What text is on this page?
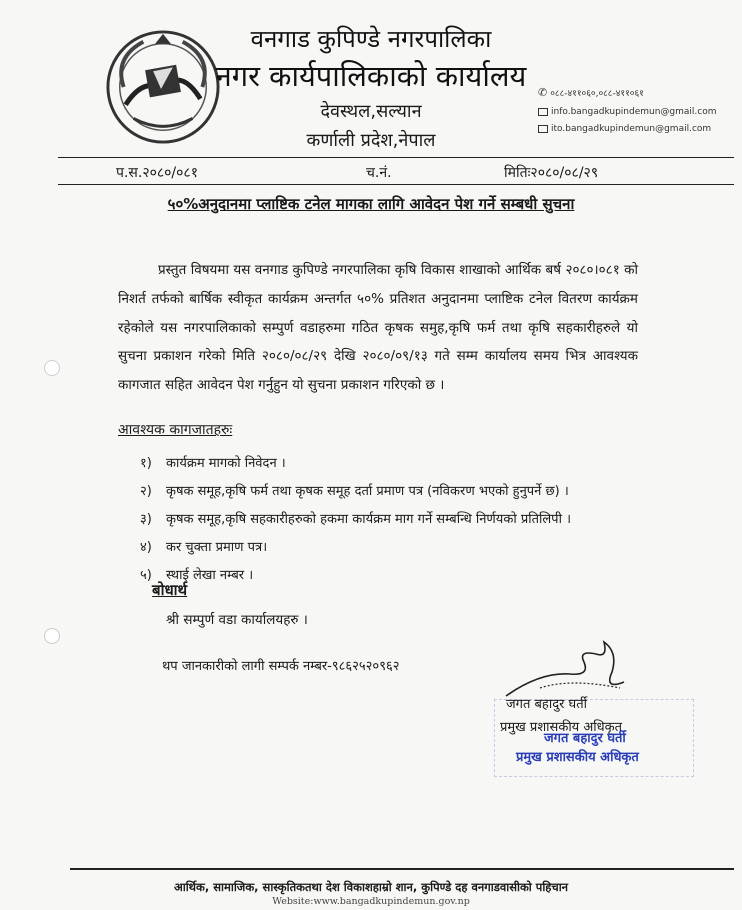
वनगाड कुपिण्डे नगरपालिका
नगर कार्यपालिकाको कार्यालय
देवस्थल,सल्यान
कर्णाली प्रदेश,नेपाल
✆ ०८८-४११०६०,०८८-४११०६१
info.bangadkupindemun@gmail.com
ito.bangadkupindemun@gmail.com
प.स.२०८०/०८१	च.नं.	मितिः२०८०/०८/२९
५०%अनुदानमा प्लाष्टिक टनेल मागका लागि आवेदन पेश गर्ने सम्बधी सुचना
प्रस्तुत विषयमा यस वनगाड कुपिण्डे नगरपालिका कृषि विकास शाखाको आर्थिक बर्ष २०८०।०८१ को निशर्त तर्फको बार्षिक स्वीकृत कार्यक्रम अन्तर्गत ५०% प्रतिशत अनुदानमा प्लाष्टिक टनेल वितरण कार्यक्रम रहेकोले यस नगरपालिकाको सम्पुर्ण वडाहरुमा गठित कृषक समुह,कृषि फर्म तथा कृषि सहकारीहरुले यो सुचना प्रकाशन गरेको मिति २०८०/०८/२९ देखि २०८०/०९/१३ गते सम्म कार्यालय समय भित्र आवश्यक कागजात सहित आवेदन पेश गर्नुहुन यो सुचना प्रकाशन गरिएको छ ।
आवश्यक कागजातहरुः
१) कार्यक्रम मागको निवेदन ।
२) कृषक समूह,कृषि फर्म तथा कृषक समूह दर्ता प्रमाण पत्र (नविकरण भएको हुनुपर्ने छ) ।
३) कृषक समूह,कृषि सहकारीहरुको हकमा कार्यक्रम माग गर्ने सम्बन्धि निर्णयको प्रतिलिपी ।
४) कर चुक्ता प्रमाण पत्र।
५) स्थाई लेखा नम्बर ।
बोधार्थ
श्री सम्पुर्ण वडा कार्यालयहरु ।
थप जानकारीको लागी सम्पर्क नम्बर-९८६२५२०९६२
जगत बहादुर घर्ती
प्रमुख प्रशासकीय अधिकृत
जगत बहादुर घर्ती
प्रमुख प्रशासकीय अधिकृत
आर्थिक, सामाजिक, सास्कृतिकतथा देश विकाशहाम्रो शान, कुपिण्डे दह वनगाडवासीको पहिचान
Website:www.bangadkupindemun.gov.np
